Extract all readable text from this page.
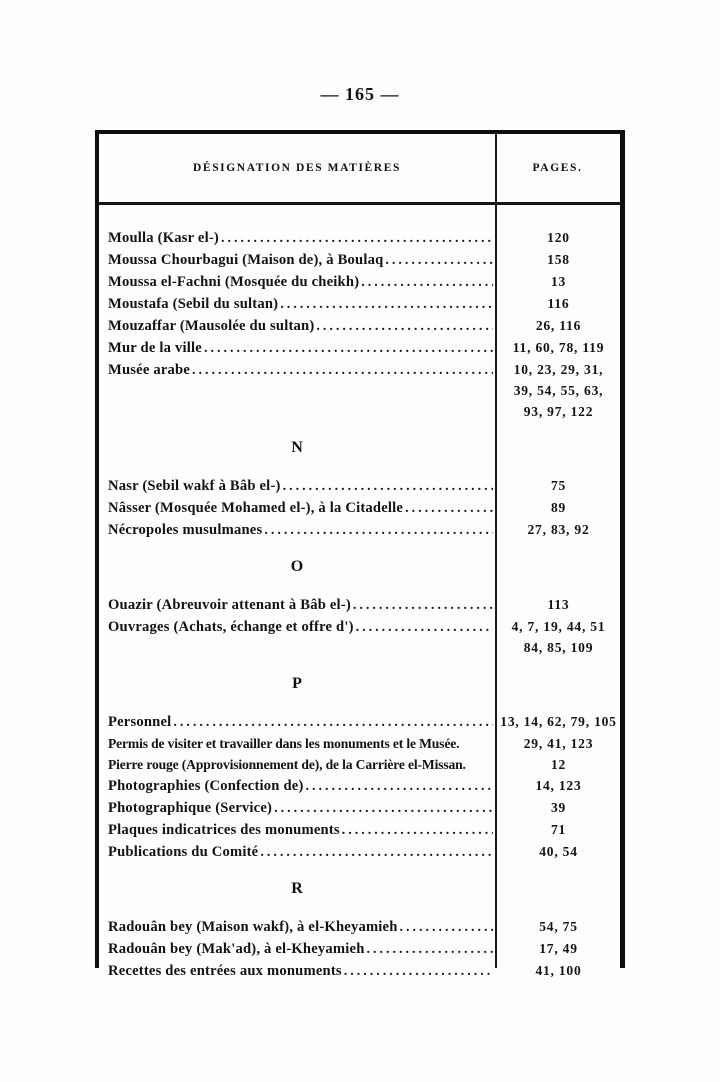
— 165 —
DÉSIGNATION DES MATIÈRES	PAGES.
Moulla (Kasr el-) .....	120
Moussa Chourbagui (Maison de), à Boulaq .....	158
Moussa el-Fachni (Mosquée du cheikh) .....	13
Moustafa (Sebil du sultan) .....	116
Mouzaffar (Mausolée du sultan) .....	26, 116
Mur de la ville .....	11, 60, 78, 119
Musée arabe .....	10, 23, 29, 31,
39, 54, 55, 63,
93, 97, 122
N
Nasr (Sebil wakf à Bâb el-) .....	75
Nâsser (Mosquée Mohamed el-), à la Citadelle .....	89
Nécropoles musulmanes .....	27, 83, 92
O
Ouazir (Abreuvoir attenant à Bâb el-) .....	113
Ouvrages (Achats, échange et offre d') .....	4, 7, 19, 44, 51
84, 85, 109
P
Personnel .....	13, 14, 62, 79, 105
Permis de visiter et travailler dans les monuments et le Musée.	29, 41, 123
Pierre rouge (Approvisionnement de), de la Carrière el-Missan.	12
Photographies (Confection de) .....	14, 123
Photographique (Service) .....	39
Plaques indicatrices des monuments .....	71
Publications du Comité .....	40, 54
R
Radouân bey (Maison wakf), à el-Kheyamieh .....	54, 75
Radouân bey (Mak'ad), à el-Kheyamieh .....	17, 49
Recettes des entrées aux monuments .....	41, 100
